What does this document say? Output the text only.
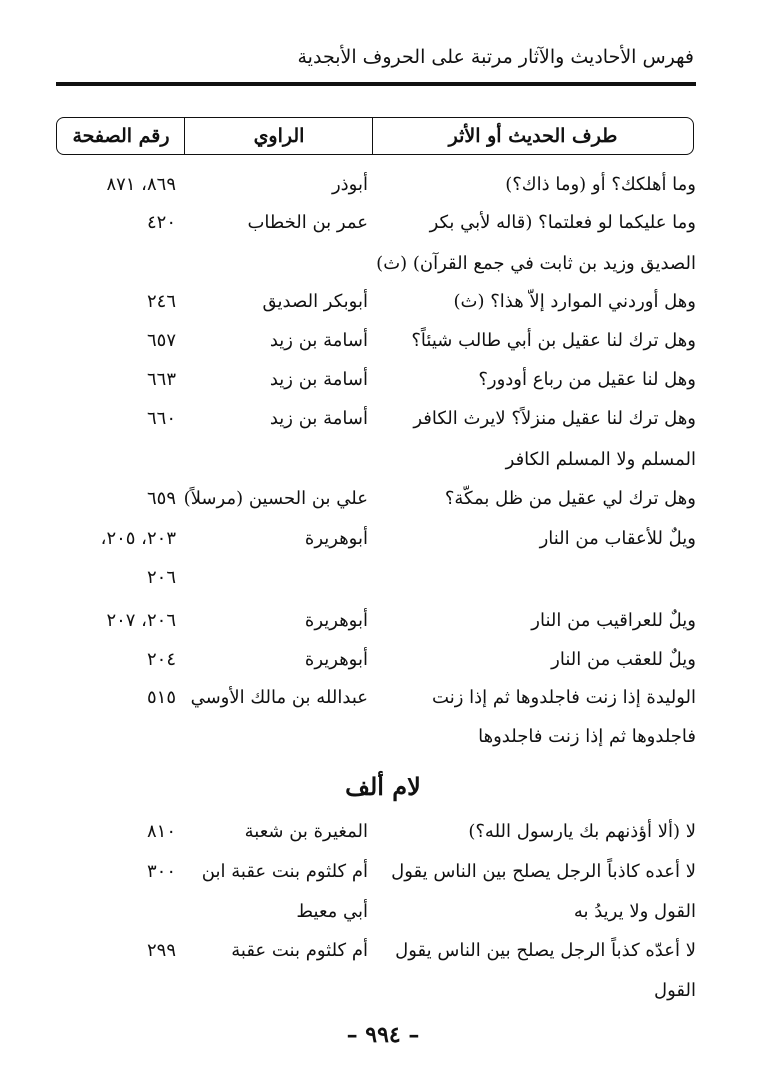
فهرس الأحاديث والآثار مرتبة على الحروف الأبجدية
طرف الحديث أو الأثر
الراوي
رقم الصفحة
وما أهلكك؟ أو (وما ذاك؟)
أبوذر
٨٦٩، ٨٧١
وما عليكما لو فعلتما؟ (قاله لأبي بكر
عمر بن الخطاب
٤٢٠
الصديق وزيد بن ثابت في جمع القرآن) (ث)
وهل أوردني الموارد إلاّ هذا؟ (ث)
أبوبكر الصديق
٢٤٦
وهل ترك لنا عقيل بن أبي طالب شيئاً؟
أسامة بن زيد
٦٥٧
وهل لنا عقيل من رباع أودور؟
أسامة بن زيد
٦٦٣
وهل ترك لنا عقيل منزلاً؟ لايرث الكافر
أسامة بن زيد
٦٦٠
المسلم ولا المسلم الكافر
وهل ترك لي عقيل من ظل بمكّة؟
علي بن الحسين (مرسلاً)
٦٥٩
ويلٌ للأعقاب من النار
أبوهريرة
٢٠٣، ٢٠٥،
٢٠٦
ويلٌ للعراقيب من النار
أبوهريرة
٢٠٦، ٢٠٧
ويلٌ للعقب من النار
أبوهريرة
٢٠٤
الوليدة إذا زنت فاجلدوها ثم إذا زنت
عبدالله بن مالك الأوسي
٥١٥
فاجلدوها ثم إذا زنت فاجلدوها
لام ألف
لا (ألا أؤذنهم بك يارسول الله؟)
المغيرة بن شعبة
٨١٠
لا أعده كاذباً الرجل يصلح بين الناس يقول
أم كلثوم بنت عقبة ابن
٣٠٠
القول ولا يريدُ به
أبي معيط
لا أعدّه كذباً الرجل يصلح بين الناس يقول
أم كلثوم بنت عقبة
٢٩٩
القول
– ٩٩٤ –
